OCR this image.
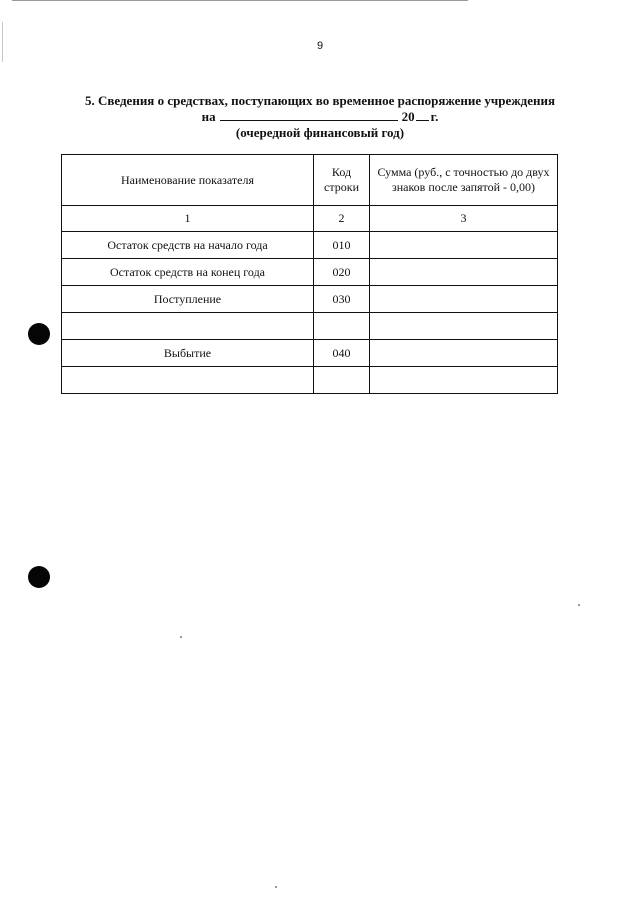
9
5. Сведения о средствах, поступающих во временное распоряжение учреждения
на	20 г.
(очередной финансовый год)
Наименование показателя	Код строки	Сумма (руб., с точностью до двух знаков после запятой - 0,00)
1	2	3
Остаток средств на начало года	010	
Остаток средств на конец года	020	
Поступление	030	

Выбытие	040	
